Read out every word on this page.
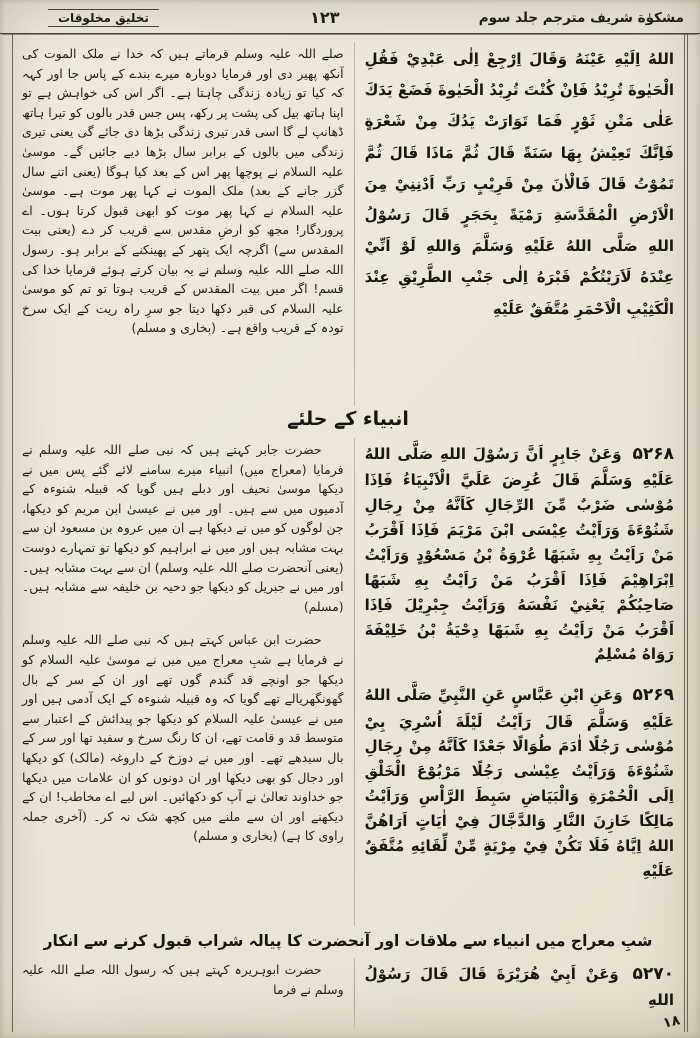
تخلیقِ مخلوقات	۱۲۳	مشکوٰة شریف مترجم جلد سوم

اللهُ اِلَيْهِ عَيْنَهُ وَقَالَ اِرْجِعْ اِلٰى عَبْدِيْ فَقُلِ الْحَيٰوةَ تُرِيْدُ فَاِنْ كُنْتَ تُرِيْدُ الْحَيٰوةَ فَضَعْ يَدَكَ عَلٰى مَتْنِ ثَوْرٍ فَمَا تَوَارَتْ يَدُكَ مِنْ شَعْرَةٍ فَاِنَّكَ تَعِيْشُ بِهَا سَنَةً قَالَ ثُمَّ مَاذَا قَالَ ثُمَّ تَمُوْتُ قَالَ فَالْاٰنَ مِنْ قَرِيْبٍ رَبِّ اَدْنِنِيْ مِنَ الْاَرْضِ الْمُقَدَّسَةِ رَمْيَةً بِحَجَرٍ قَالَ رَسُوْلُ اللهِ صَلَّى اللهُ عَلَيْهِ وَسَلَّمَ وَاللهِ لَوْ اَنِّيْ عِنْدَهُ لَاَرَيْتُكُمْ قَبْرَهُ اِلٰى جَنْبِ الطَّرِيْقِ عِنْدَ الْكَثِيْبِ الْاَحْمَرِ مُتَّفَقٌ عَلَيْهِ

صلے اللہ علیہ وسلم فرماتے ہیں کہ خدا نے ملک الموت کی آنکھ پھیر دی اور فرمایا دوبارہ میرے بندے کے پاس جا اور کہہ کہ کیا تو زیادہ زندگی چاہتا ہے۔ اگر اس کی خواہش ہے تو اپنا ہاتھ بیل کی پشت پر رکھ، پس جس قدر بالوں کو تیرا ہاتھ ڈھانپ لے گا اسی قدر تیری زندگی بڑھا دی جائے گی یعنی تیری زندگی میں بالوں کے برابر سال بڑھا دیے جائیں گے۔ موسیٰ علیہ السلام نے پوچھا پھر اس کے بعد کیا ہوگا (یعنی اتنے سال گزر جانے کے بعد) ملک الموت نے کہا پھر موت ہے۔ موسیٰ علیہ السلام نے کہا پھر موت کو ابھی قبول کرتا ہوں۔ اے پروردگار! مجھ کو ارضِ مقدس سے قریب کر دے (یعنی بیت المقدس سے) اگرچہ ایک پتھر کے پھینکنے کے برابر ہو۔ رسول اللہ صلے اللہ علیہ وسلم نے یہ بیان کرتے ہوئے فرمایا خدا کی قسم! اگر میں بیت المقدس کے قریب ہوتا تو تم کو موسیٰ علیہ السلام کی قبر دکھا دیتا جو سرِ راہ ریت کے ایک سرخ تودہ کے قریب واقع ہے۔ (بخاری و مسلم)

انبیاء کے حلئے

۵۲۶۸ وَعَنْ جَابِرٍ اَنَّ رَسُوْلَ اللهِ صَلَّى اللهُ عَلَيْهِ وَسَلَّمَ قَالَ عُرِضَ عَلَيَّ الْاَنْبِيَاءُ فَاِذَا مُوْسٰى ضَرْبٌ مِّنَ الرِّجَالِ كَاَنَّهُ مِنْ رِجَالِ شَنُوْءَةَ وَرَاَيْتُ عِيْسَى ابْنَ مَرْيَمَ فَاِذَا اَقْرَبُ مَنْ رَاَيْتُ بِهِ شَبَهًا عُرْوَةُ بْنُ مَسْعُوْدٍ وَرَاَيْتُ اِبْرَاهِيْمَ فَاِذَا اَقْرَبُ مَنْ رَاَيْتُ بِهِ شَبَهًا صَاحِبُكُمْ يَعْنِيْ نَفْسَهُ وَرَاَيْتُ جِبْرِيْلَ فَاِذَا اَقْرَبُ مَنْ رَاَيْتُ بِهِ شَبَهًا دِحْيَةُ بْنُ خَلِيْفَةَ رَوَاهُ مُسْلِمٌ

۵۲۶۹ وَعَنِ ابْنِ عَبَّاسٍ عَنِ النَّبِيِّ صَلَّى اللهُ عَلَيْهِ وَسَلَّمَ قَالَ رَاَيْتُ لَيْلَةَ اُسْرِيَ بِيْ مُوْسٰى رَجُلًا اٰدَمَ طُوَالًا جَعْدًا كَاَنَّهُ مِنْ رِجَالِ شَنُوْءَةَ وَرَاَيْتُ عِيْسٰى رَجُلًا مَرْبُوْعَ الْخَلْقِ اِلَى الْحُمْرَةِ وَالْبَيَاضِ سَبِطَ الرَّاْسِ وَرَاَيْتُ مَالِكًا خَازِنَ النَّارِ وَالدَّجَّالَ فِيْ اٰيَاتٍ اَرَاهُنَّ اللهُ اِيَّاهُ فَلَا تَكُنْ فِيْ مِرْيَةٍ مِّنْ لِّقَائِهِ مُتَّفَقٌ عَلَيْهِ

حضرت جابر کہتے ہیں کہ نبی صلے اللہ علیہ وسلم نے فرمایا (معراج میں) انبیاء میرے سامنے لائے گئے پس میں نے دیکھا موسیٰ نحیف اور دبلے ہیں گویا کہ قبیلہ شنوءہ کے آدمیوں میں سے ہیں۔ اور میں نے عیسیٰ ابن مریم کو دیکھا، جن لوگوں کو میں نے دیکھا ہے ان میں عروہ بن مسعود ان سے بہت مشابہ ہیں اور میں نے ابراہیم کو دیکھا تو تمہارے دوست (یعنی آنحضرت صلے اللہ علیہ وسلم) ان سے بہت مشابہ ہیں۔ اور میں نے جبریل کو دیکھا جو دحیہ بن خلیفہ سے مشابہ ہیں۔ (مسلم)

حضرت ابن عباس کہتے ہیں کہ نبی صلے اللہ علیہ وسلم نے فرمایا ہے شبِ معراج میں میں نے موسیٰ علیہ السلام کو دیکھا جو اونچے قد گندم گوں تھے اور ان کے سر کے بال گھونگھریالے تھے گویا کہ وہ قبیلہ شنوءہ کے ایک آدمی ہیں اور میں نے عیسیٰ علیہ السلام کو دیکھا جو پیدائش کے اعتبار سے متوسط قد و قامت تھے، ان کا رنگ سرخ و سفید تھا اور سر کے بال سیدھے تھے۔ اور میں نے دوزخ کے داروغہ (مالک) کو دیکھا اور دجال کو بھی دیکھا اور ان دونوں کو ان علامات میں دیکھا جو خداوند تعالیٰ نے آپ کو دکھائیں۔ اس لیے اے مخاطب! ان کے دیکھنے اور ان سے ملنے میں کچھ شک نہ کر۔ (آخری جملہ راوی کا ہے) (بخاری و مسلم)

شبِ معراج میں انبیاء سے ملاقات اور آنحضرت کا پیالہ شراب قبول کرنے سے انکار

۵۲۷۰ وَعَنْ اَبِيْ هُرَيْرَةَ قَالَ قَالَ رَسُوْلُ اللهِ

حضرت ابوہریرہ کہتے ہیں کہ رسول اللہ صلے اللہ علیہ وسلم نے فرما

۱۸
